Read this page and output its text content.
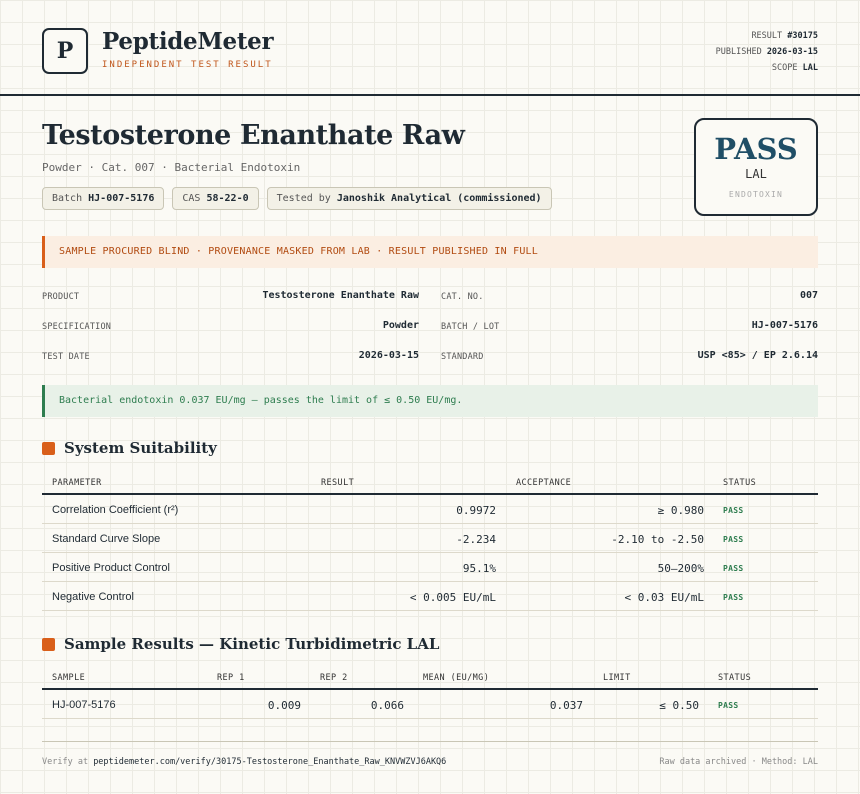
P	PeptideMeter
INDEPENDENT TEST RESULT
RESULT #30175
PUBLISHED 2026-03-15
SCOPE LAL
Testosterone Enanthate Raw
Powder · Cat. 007 · Bacterial Endotoxin
Batch HJ-007-5176	CAS 58-22-0	Tested by Janoshik Analytical (commissioned)
PASS
LAL
ENDOTOXIN
SAMPLE PROCURED BLIND · PROVENANCE MASKED FROM LAB · RESULT PUBLISHED IN FULL
PRODUCT	Testosterone Enanthate Raw	CAT. NO.	007
SPECIFICATION	Powder	BATCH / LOT	HJ-007-5176
TEST DATE	2026-03-15	STANDARD	USP <85> / EP 2.6.14
Bacterial endotoxin 0.037 EU/mg — passes the limit of ≤ 0.50 EU/mg.
System Suitability
PARAMETER	RESULT	ACCEPTANCE	STATUS
Correlation Coefficient (r²)	0.9972	≥ 0.980 PASS
Standard Curve Slope	-2.234	-2.10 to -2.50 PASS
Positive Product Control	95.1%	50–200% PASS
Negative Control	< 0.005 EU/mL	< 0.03 EU/mL PASS
Sample Results — Kinetic Turbidimetric LAL
SAMPLE	REP 1	REP 2	MEAN (EU/MG)	LIMIT	STATUS
HJ-007-5176	0.009	0.066	0.037	≤ 0.50 PASS
Verify at peptidemeter.com/verify/30175-Testosterone_Enanthate_Raw_KNVWZVJ6AKQ6	Raw data archived · Method: LAL
